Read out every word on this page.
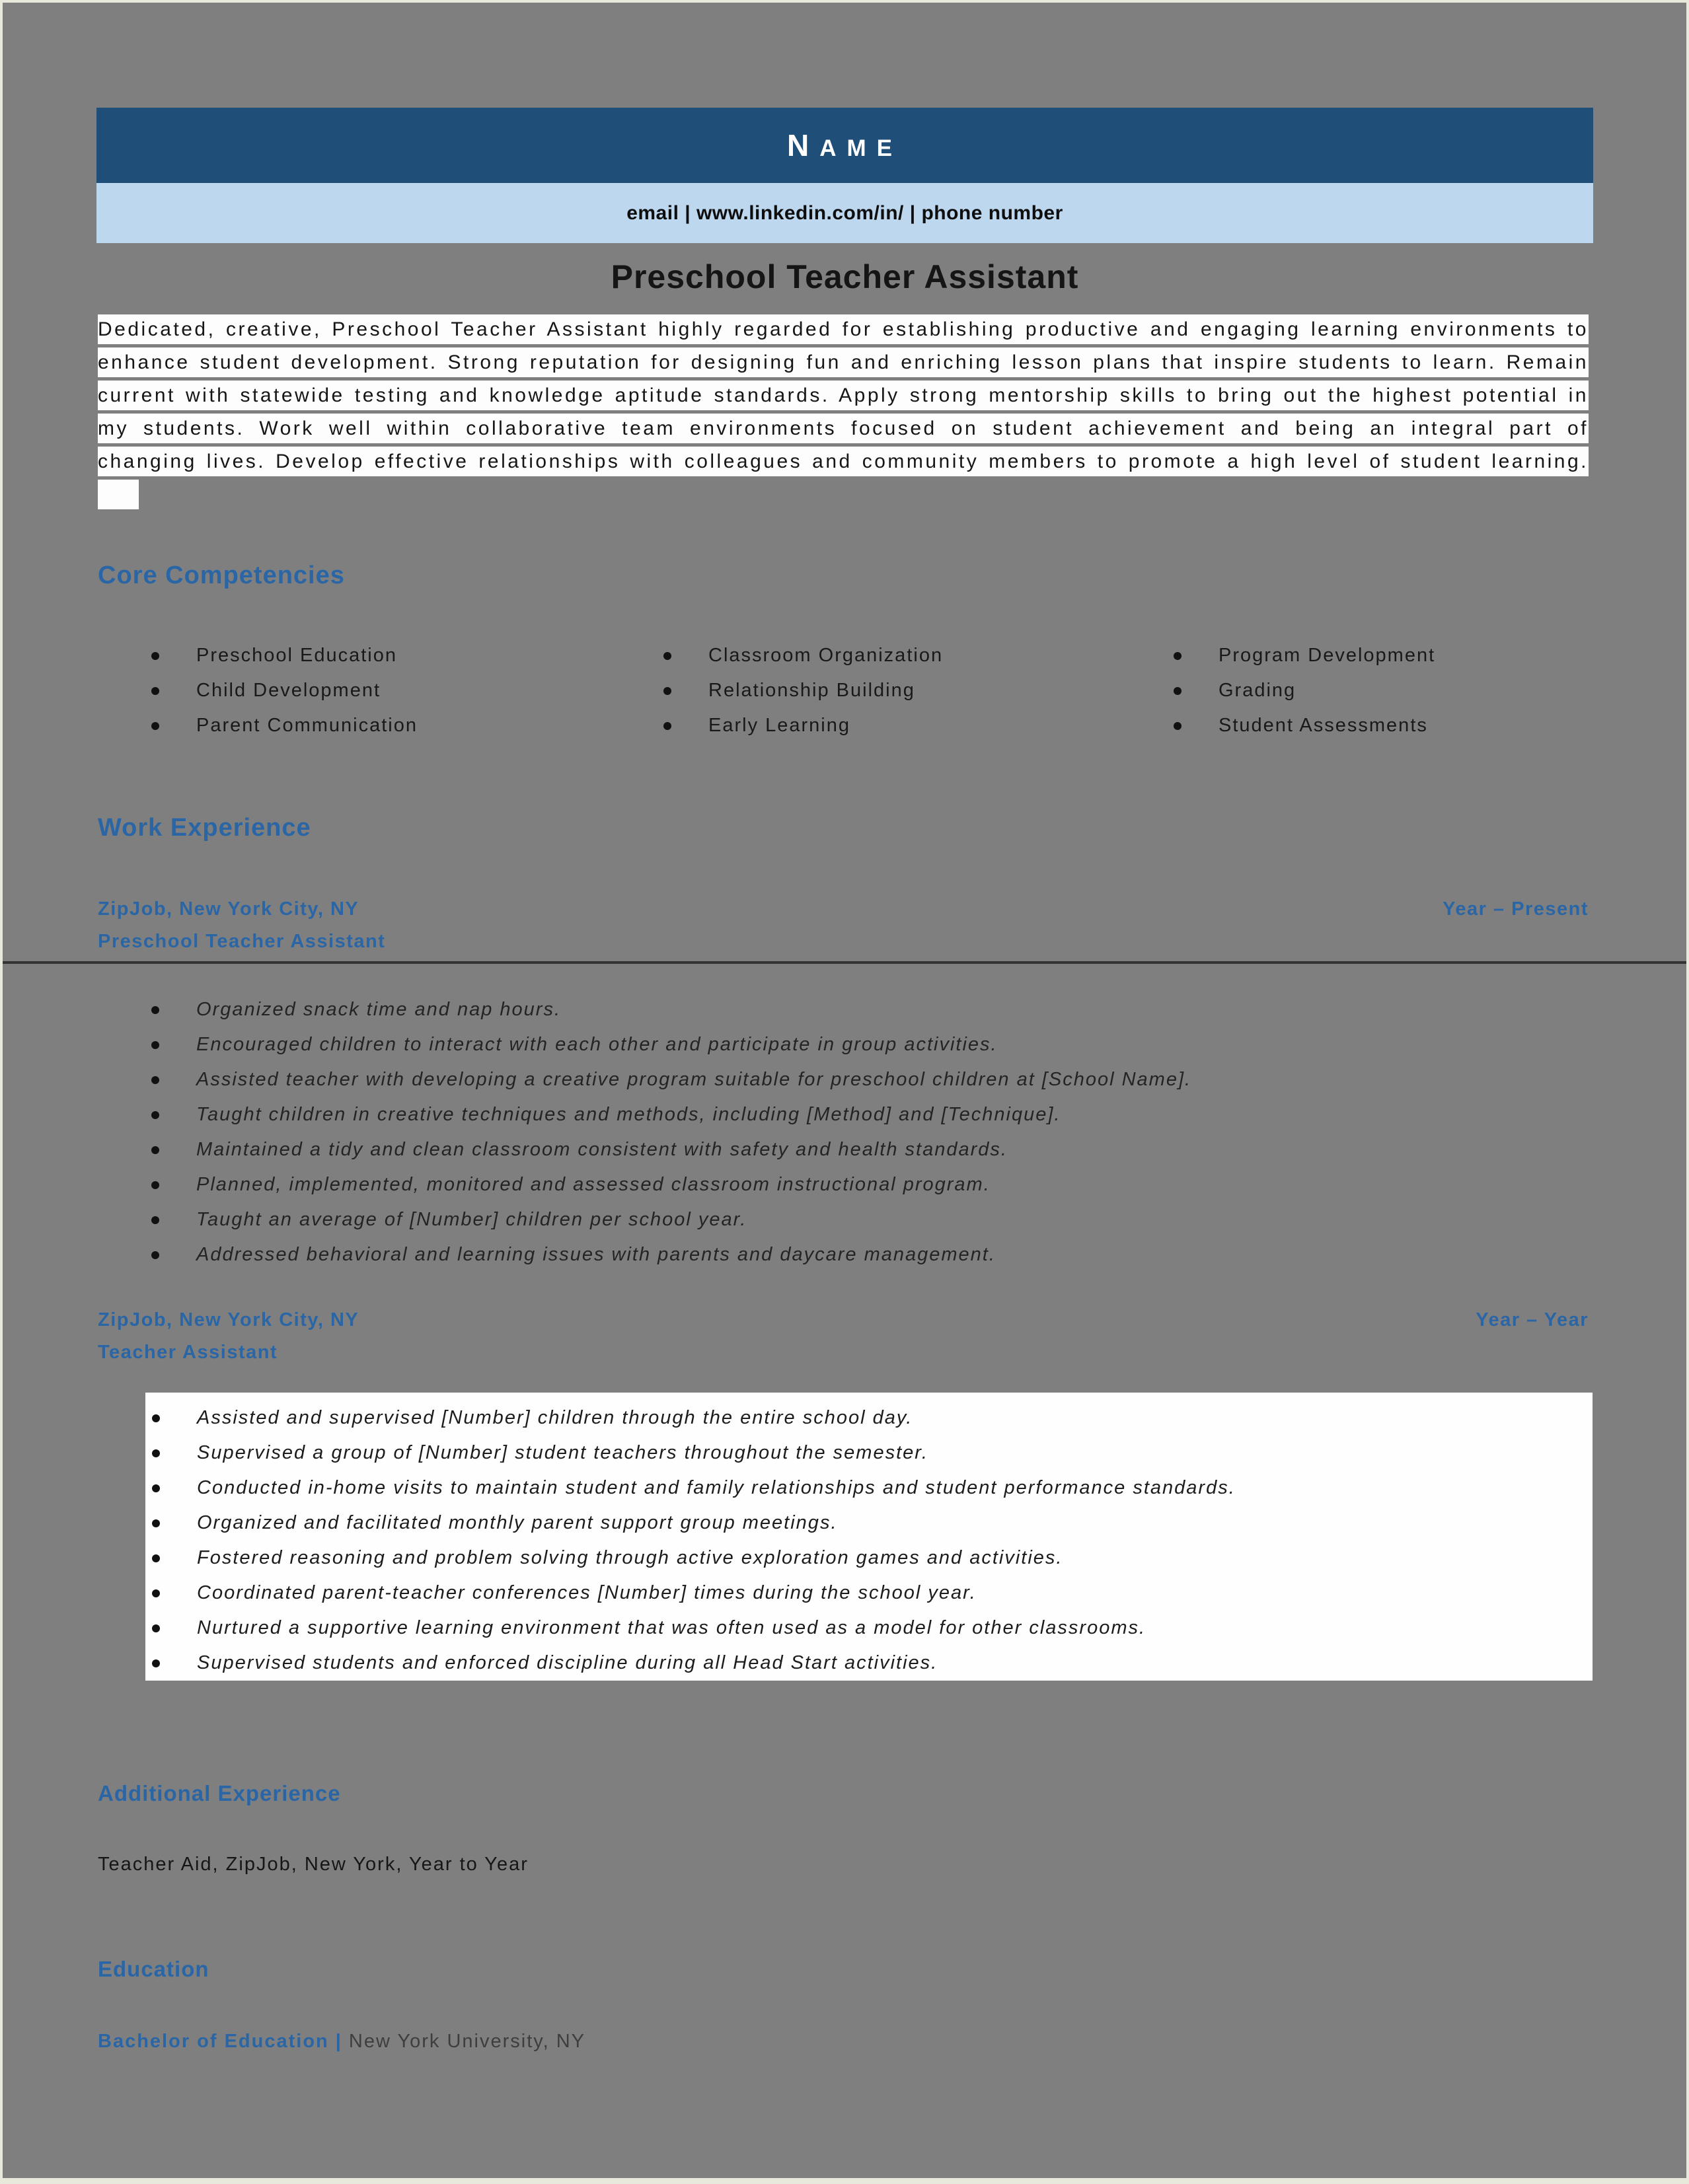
NAME
email | www.linkedin.com/in/ | phone number
Preschool Teacher Assistant

Dedicated, creative, Preschool Teacher Assistant highly regarded for establishing productive and engaging learning environments to enhance student development. Strong reputation for designing fun and enriching lesson plans that inspire students to learn. Remain current with statewide testing and knowledge aptitude standards. Apply strong mentorship skills to bring out the highest potential in my students. Work well within collaborative team environments focused on student achievement and being an integral part of changing lives. Develop effective relationships with colleagues and community members to promote a high level of student learning.

Core Competencies
Preschool Education
Child Development
Parent Communication
Classroom Organization
Relationship Building
Early Learning
Program Development
Grading
Student Assessments
Work Experience
ZipJob, New York City, NY	Year – Present
Preschool Teacher Assistant
Organized snack time and nap hours.
Encouraged children to interact with each other and participate in group activities.
Assisted teacher with developing a creative program suitable for preschool children at [School Name].
Taught children in creative techniques and methods, including [Method] and [Technique].
Maintained a tidy and clean classroom consistent with safety and health standards.
Planned, implemented, monitored and assessed classroom instructional program.
Taught an average of [Number] children per school year.
Addressed behavioral and learning issues with parents and daycare management.
ZipJob, New York City, NY	Year – Year
Teacher Assistant
Assisted and supervised [Number] children through the entire school day.
Supervised a group of [Number] student teachers throughout the semester.
Conducted in-home visits to maintain student and family relationships and student performance standards.
Organized and facilitated monthly parent support group meetings.
Fostered reasoning and problem solving through active exploration games and activities.
Coordinated parent-teacher conferences [Number] times during the school year.
Nurtured a supportive learning environment that was often used as a model for other classrooms.
Supervised students and enforced discipline during all Head Start activities.
Additional Experience
Teacher Aid, ZipJob, New York, Year to Year
Education
Bachelor of Education | New York University, NY
